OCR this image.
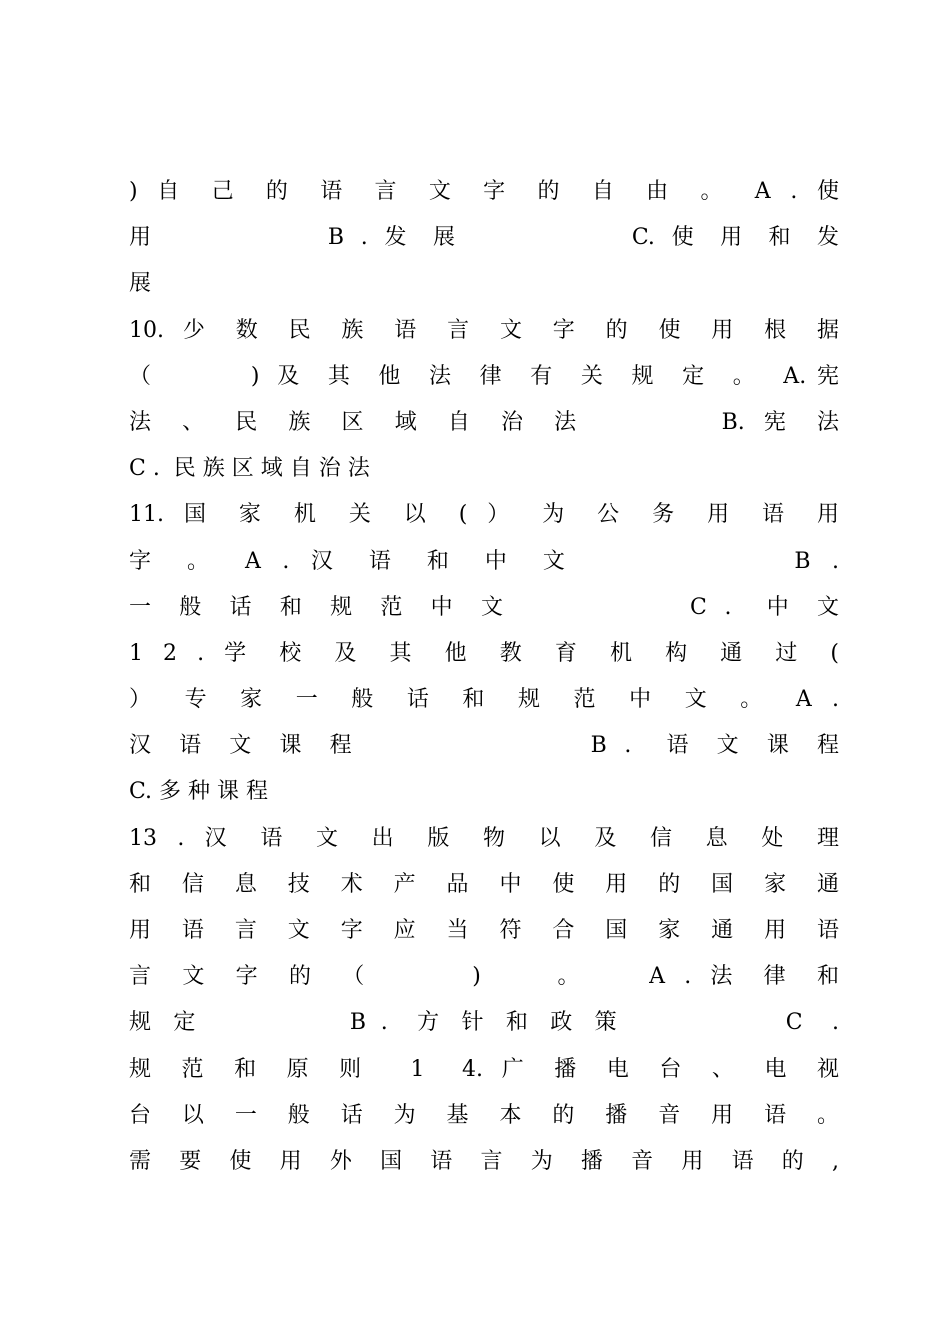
) 自 己 的 语 言 文 字 的 自 由 。 A . 使
用          B . 发 展          C. 使 用 和 发
展
10. 少 数 民 族 语 言 文 字 的 使 用 根 据
（     ) 及 其 他 法 律 有 关 规 定 。 A.宪
法 、 民 族 区 域 自 治 法       B. 宪 法
C .  民 族 区 域 自 治 法
11. 国 家 机 关 以 ( ） 为 公 务 用 语 用
字 。 A . 汉 语 和 中 文          B .
一 般 话 和 规 范 中 文          C .  中 文
1 2 . 学 校 及 其 他 教 育 机 构 通 过 (
） 专 家 一 般 话 和 规 范 中 文 。 A .
汉 语 文 课 程             B .  语 文 课 程
C. 多 种 课 程
13 . 汉 语 文 出 版 物 以 及 信 息 处 理
和 信 息 技 术 产 品 中 使 用 的 国 家 通
用 语 言 文 字 应 当 符 合 国 家 通 用 语
言 文 字 的 （     )    。   A . 法 律 和
规 定          B .  方 针 和 政 策           C  .
规 范 和 原 则  1  4. 广 播 电 台 、 电 视
台 以 一 般 话 为 基 本 的 播 音 用 语 。
需 要 使 用 外 国 语 言 为 播 音 用 语 的 ,
